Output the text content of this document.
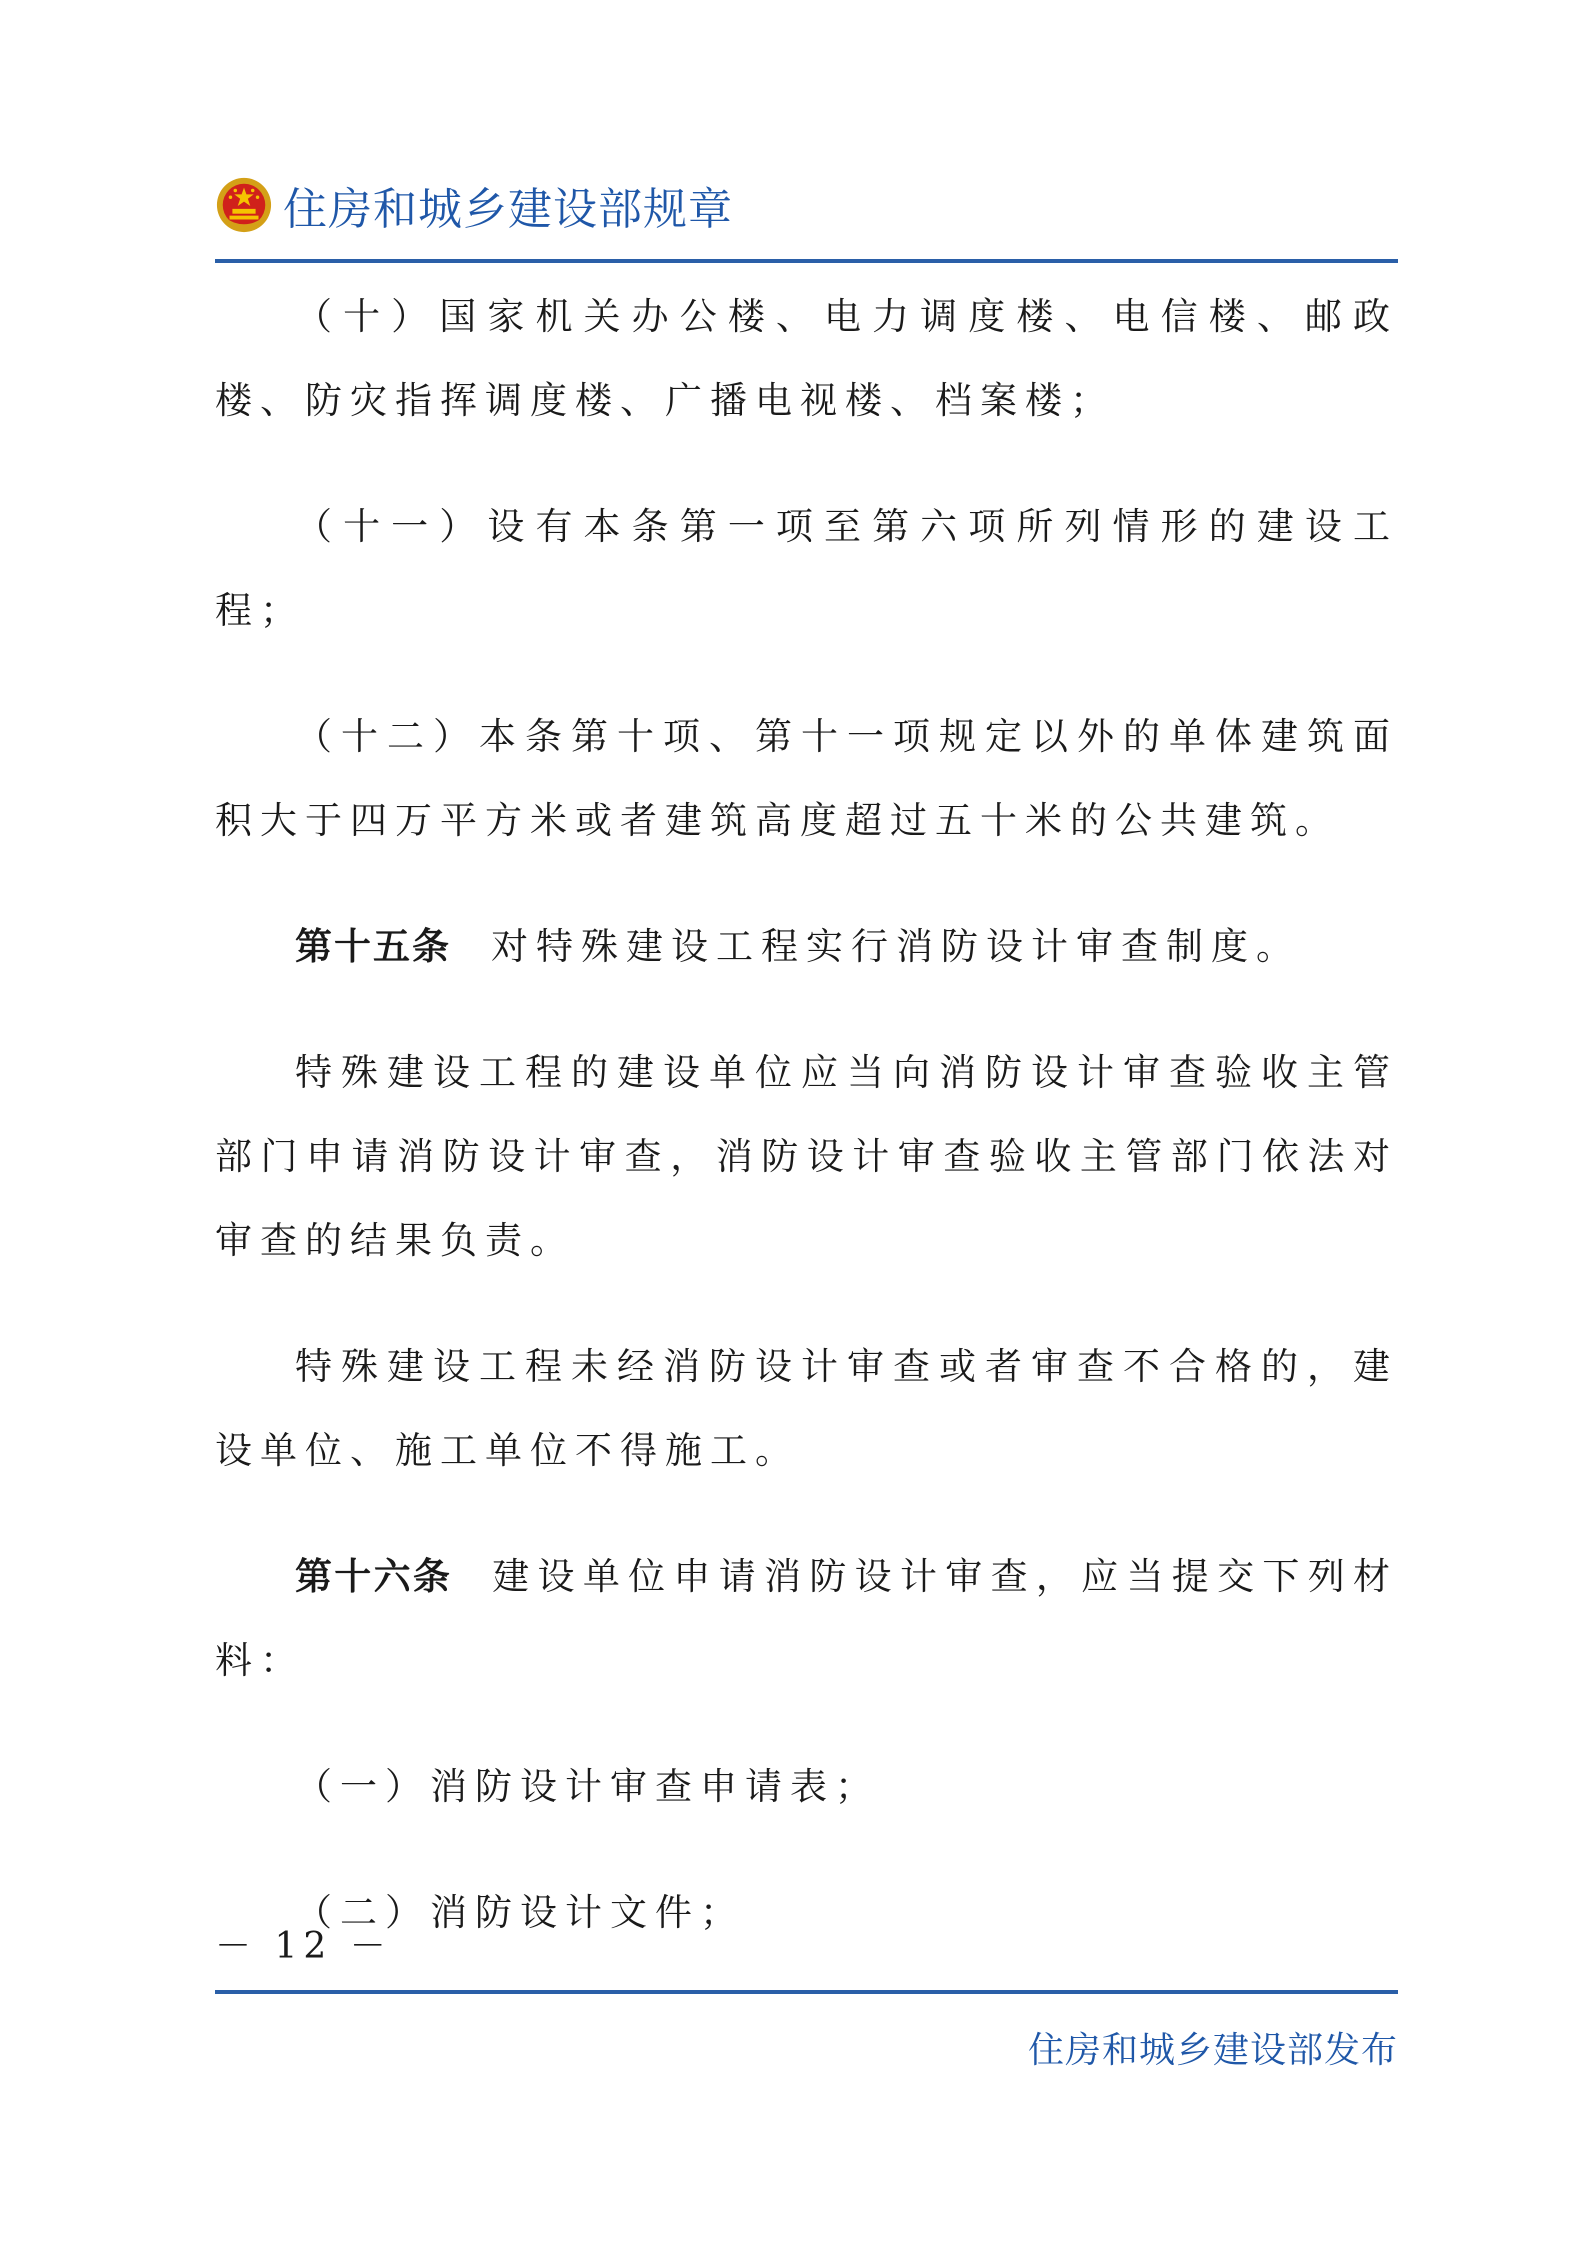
住房和城乡建设部规章

（十）国家机关办公楼、电力调度楼、电信楼、邮政楼、防灾指挥调度楼、广播电视楼、档案楼；

（十一）设有本条第一项至第六项所列情形的建设工程；

（十二）本条第十项、第十一项规定以外的单体建筑面积大于四万平方米或者建筑高度超过五十米的公共建筑。

第十五条 对特殊建设工程实行消防设计审查制度。

特殊建设工程的建设单位应当向消防设计审查验收主管部门申请消防设计审查，消防设计审查验收主管部门依法对审查的结果负责。

特殊建设工程未经消防设计审查或者审查不合格的，建设单位、施工单位不得施工。

第十六条 建设单位申请消防设计审查，应当提交下列材料：

（一）消防设计审查申请表；

（二）消防设计文件；

－ 12 －
住房和城乡建设部发布
